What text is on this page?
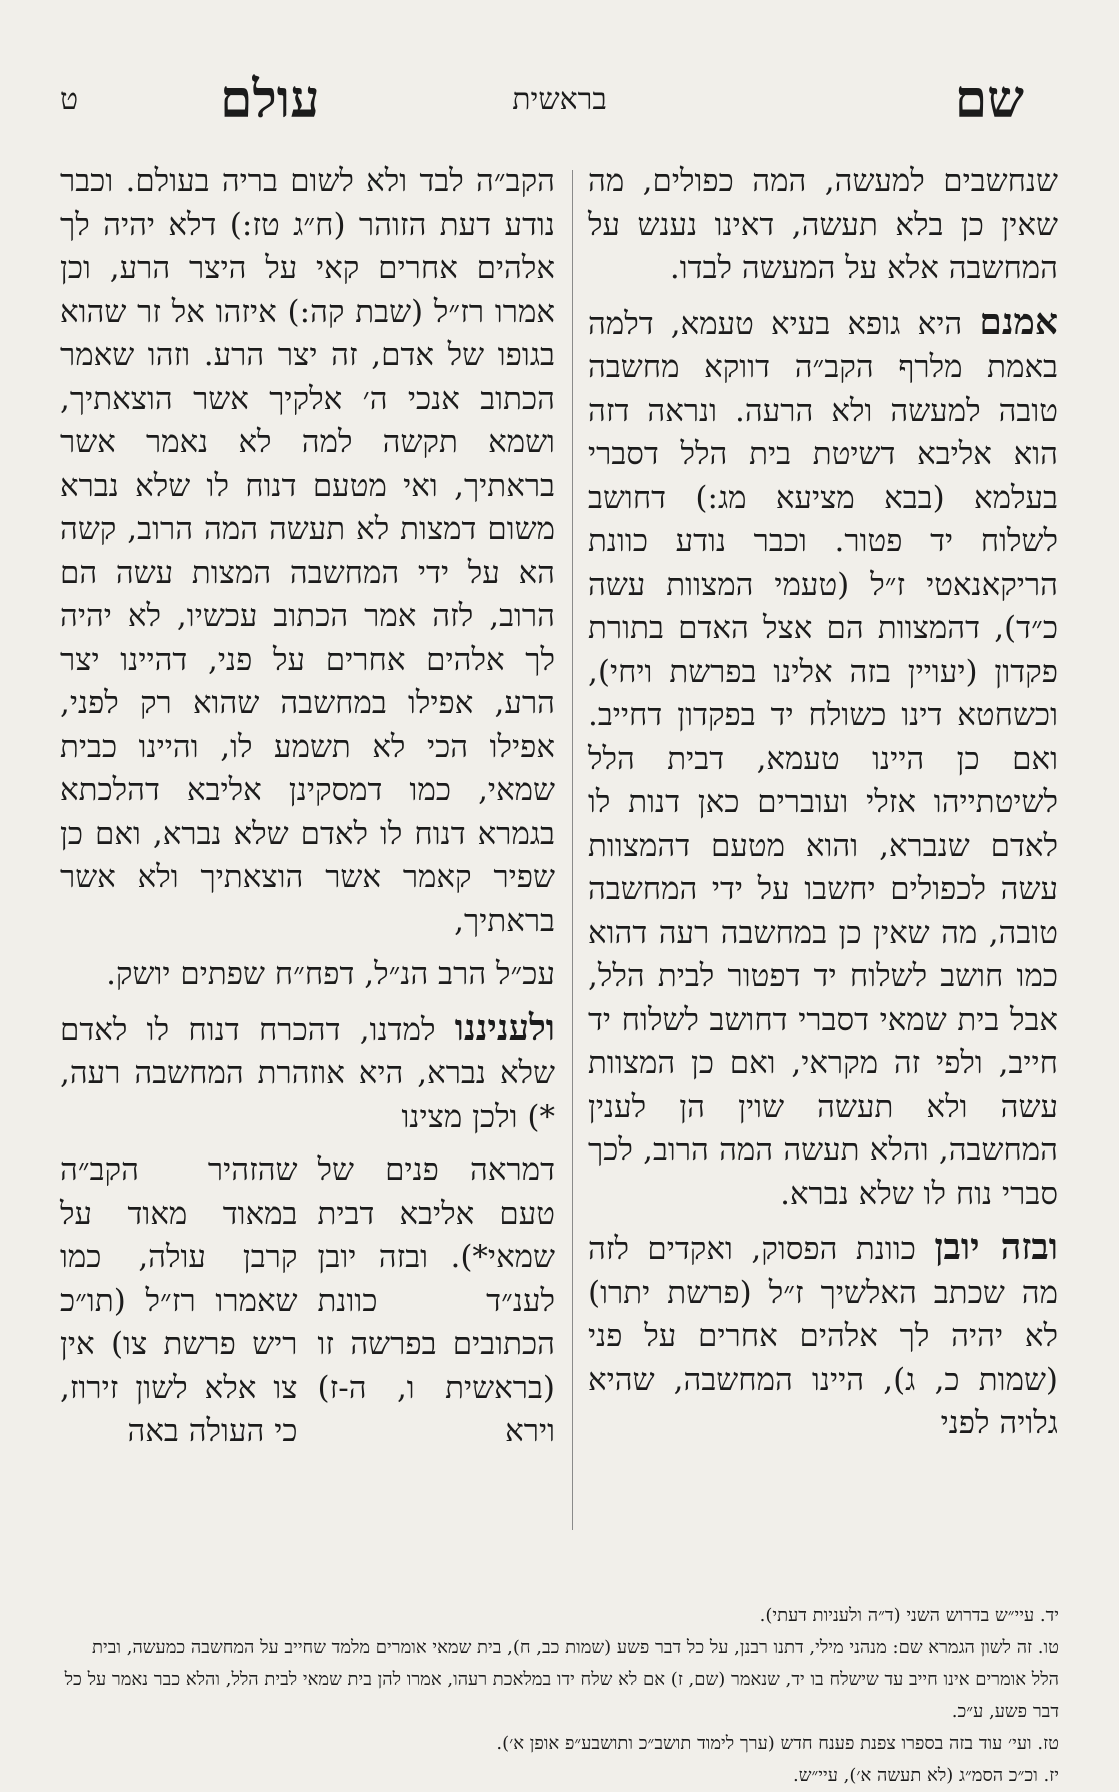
שם
בראשית
עולם
ט

שנחשבים למעשה, המה כפולים, מה שאין כן בלא תעשה, דאינו נענש על המחשבה אלא על המעשה לבדו.

אמנם היא גופא בעיא טעמא, דלמה באמת מלרף הקב״ה דווקא מחשבה טובה למעשה ולא הרעה. ונראה דזה הוא אליבא דשיטת בית הלל דסברי בעלמא (בבא מציעא מג:) דחושב לשלוח יד פטור. וכבר נודע כוונת הריקאנאטי ז״ל (טעמי המצוות עשה כ״ד), דהמצוות הם אצל האדם בתורת פקדון (יעויין בזה אלינו בפרשת ויחי), וכשחטא דינו כשולח יד בפקדון דחייב. ואם כן היינו טעמא, דבית הלל לשיטתייהו אזלי ועוברים כאן דנות לו לאדם שנברא, והוא מטעם דהמצוות עשה לכפולים יחשבו על ידי המחשבה טובה, מה שאין כן במחשבה רעה דהוא כמו חושב לשלוח יד דפטור לבית הלל, אבל בית שמאי דסברי דחושב לשלוח יד חייב, ולפי זה מקראי, ואם כן המצוות עשה ולא תעשה שוין הן לענין המחשבה, והלא תעשה המה הרוב, לכך סברי נוח לו שלא נברא.

ובזה יובן כוונת הפסוק, ואקדים לזה מה שכתב האלשיך ז״ל (פרשת יתרו) לא יהיה לך אלהים אחרים על פני (שמות כ, ג), היינו המחשבה, שהיא גלויה לפני

הקב״ה לבד ולא לשום בריה בעולם. וכבר נודע דעת הזוהר (ח״ג טז:) דלא יהיה לך אלהים אחרים קאי על היצר הרע, וכן אמרו רז״ל (שבת קה:) איזהו אל זר שהוא בגופו של אדם, זה יצר הרע. וזהו שאמר הכתוב אנכי ה׳ אלקיך אשר הוצאתיך, ושמא תקשה למה לא נאמר אשר בראתיך, ואי מטעם דנוח לו שלא נברא משום דמצות לא תעשה המה הרוב, קשה הא על ידי המחשבה המצות עשה הם הרוב, לזה אמר הכתוב עכשיו, לא יהיה לך אלהים אחרים על פני, דהיינו יצר הרע, אפילו במחשבה שהוא רק לפני, אפילו הכי לא תשמע לו, והיינו כבית שמאי, כמו דמסקינן אליבא דהלכתא בגמרא דנוח לו לאדם שלא נברא, ואם כן שפיר קאמר אשר הוצאתיך ולא אשר בראתיך,

עכ״ל הרב הנ״ל, דפח״ח שפתים יושק.

ולעניננו למדנו, דהכרח דנוח לו לאדם שלא נברא, היא אוזהרת המחשבה רעה, *) ולכן מצינו

דמראה פנים של טעם אליבא דבית שמאי*). ובזה יובן לענ״ד כוונת הכתובים בפרשה זו (בראשית ו, ה-ז) וירא
שהזהיר הקב״ה במאוד מאוד על קרבן עולה, כמו שאמרו רז״ל (תו״כ ריש פרשת צו) אין צו אלא לשון זירוז, כי העולה באה
יד. עיי״ש בדרוש השני (ד״ה ולעניות דעתי).
טו. זה לשון הגמרא שם: מנהני מילי, דתנו רבנן, על כל דבר פשע (שמות כב, ח), בית שמאי אומרים מלמד שחייב על המחשבה כמעשה, ובית הלל אומרים אינו חייב עד שישלח בו יד, שנאמר (שם, ז) אם לא שלח ידו במלאכת רעהו, אמרו להן בית שמאי לבית הלל, והלא כבר נאמר על כל דבר פשע, ע״כ.
טז. ועי׳ עוד בזה בספרו צפנת פענח חדש (ערך לימוד תושב״כ ותושבע״פ אופן א׳).
יז. וכ״כ הסמ״ג (לא תעשה א׳), עיי״ש.
